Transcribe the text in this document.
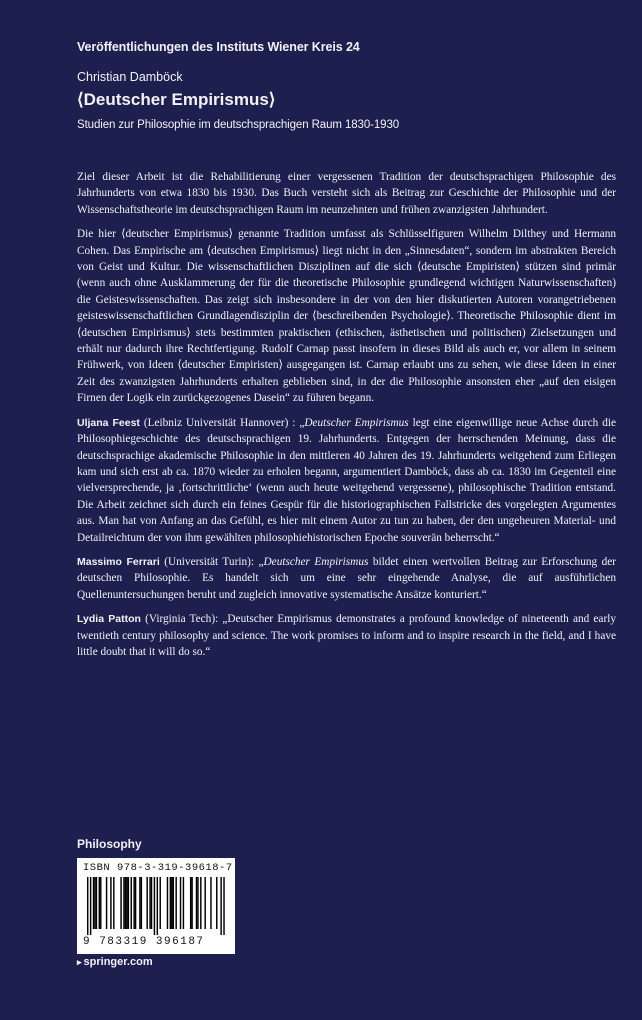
Veröffentlichungen des Instituts Wiener Kreis 24
Christian Damböck
⟨Deutscher Empirismus⟩
Studien zur Philosophie im deutschsprachigen Raum 1830-1930

Ziel dieser Arbeit ist die Rehabilitierung einer vergessenen Tradition der deutschsprachigen Philosophie des Jahrhunderts von etwa 1830 bis 1930. Das Buch versteht sich als Beitrag zur Geschichte der Philosophie und der Wissenschaftstheorie im deutschsprachigen Raum im neunzehnten und frühen zwanzigsten Jahrhundert.

Die hier ⟨deutscher Empirismus⟩ genannte Tradition umfasst als Schlüsselfiguren Wilhelm Dilthey und Hermann Cohen. Das Empirische am ⟨deutschen Empirismus⟩ liegt nicht in den „Sinnesdaten“, sondern im abstrakten Bereich von Geist und Kultur. Die wissenschaftlichen Disziplinen auf die sich ⟨deutsche Empiristen⟩ stützen sind primär (wenn auch ohne Ausklammerung der für die theoretische Philosophie grundlegend wichtigen Naturwissenschaften) die Geisteswissenschaften. Das zeigt sich insbesondere in der von den hier diskutierten Autoren vorangetriebenen geisteswissenschaftlichen Grundlagendisziplin der ⟨beschreibenden Psychologie⟩. Theoretische Philosophie dient im ⟨deutschen Empirismus⟩ stets bestimmten praktischen (ethischen, ästhetischen und politischen) Zielsetzungen und erhält nur dadurch ihre Rechtfertigung. Rudolf Carnap passt insofern in dieses Bild als auch er, vor allem in seinem Frühwerk, von Ideen ⟨deutscher Empiristen⟩ ausgegangen ist. Carnap erlaubt uns zu sehen, wie diese Ideen in einer Zeit des zwanzigsten Jahrhunderts erhalten geblieben sind, in der die Philosophie ansonsten eher „auf den eisigen Firnen der Logik ein zurückgezogenes Dasein“ zu führen begann.

Uljana Feest (Leibniz Universität Hannover) : „Deutscher Empirismus legt eine eigenwillige neue Achse durch die Philosophiegeschichte des deutschsprachigen 19. Jahrhunderts. Entgegen der herrschenden Meinung, dass die deutschsprachige akademische Philosophie in den mittleren 40 Jahren des 19. Jahrhunderts weitgehend zum Erliegen kam und sich erst ab ca. 1870 wieder zu erholen begann, argumentiert Damböck, dass ab ca. 1830 im Gegenteil eine vielversprechende, ja ‚fortschrittliche‘ (wenn auch heute weitgehend vergessene), philosophische Tradition entstand. Die Arbeit zeichnet sich durch ein feines Gespür für die historiographischen Fallstricke des vorgelegten Argumentes aus. Man hat von Anfang an das Gefühl, es hier mit einem Autor zu tun zu haben, der den ungeheuren Material- und Detailreichtum der von ihm gewählten philosophiehistorischen Epoche souverän beherrscht.“

Massimo Ferrari (Universität Turin): „Deutscher Empirismus bildet einen wertvollen Beitrag zur Erforschung der deutschen Philosophie. Es handelt sich um eine sehr eingehende Analyse, die auf ausführlichen Quellenuntersuchungen beruht und zugleich innovative systematische Ansätze konturiert.“

Lydia Patton (Virginia Tech): „Deutscher Empirismus demonstrates a profound knowledge of nineteenth and early twentieth century philosophy and science. The work promises to inform and to inspire research in the field, and I have little doubt that it will do so.“

Philosophy
ISBN 978-3-319-39618-7
9 783319 396187
▸ springer.com
